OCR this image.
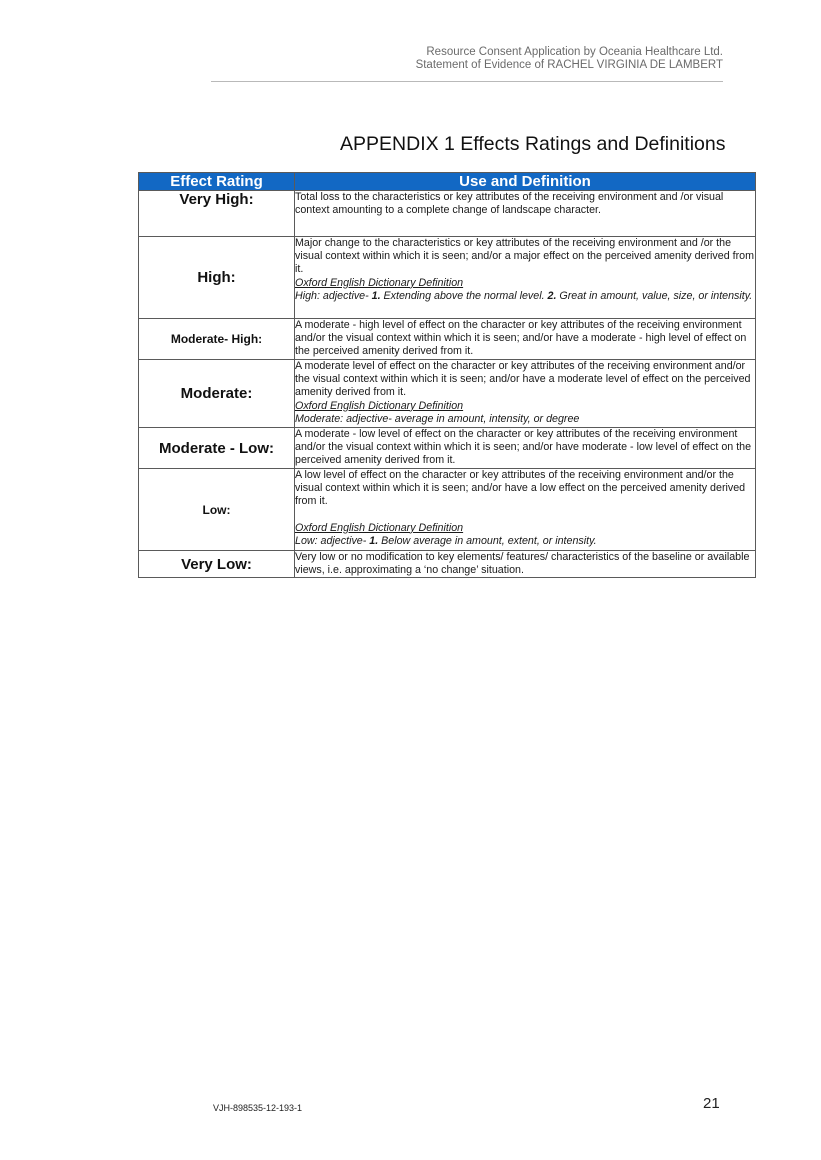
Resource Consent Application by Oceania Healthcare Ltd.
Statement of Evidence of RACHEL VIRGINIA DE LAMBERT
APPENDIX 1 Effects Ratings and Definitions
Effect Rating	Use and Definition
Very High:	Total loss to the characteristics or key attributes of the receiving environment and /or visual context amounting to a complete change of landscape character.
High:	Major change to the characteristics or key attributes of the receiving environment and /or the visual context within which it is seen; and/or a major effect on the perceived amenity derived from it.
Oxford English Dictionary Definition
High: adjective- 1. Extending above the normal level. 2. Great in amount, value, size, or intensity.
Moderate- High:	A moderate - high level of effect on the character or key attributes of the receiving environment and/or the visual context within which it is seen; and/or have a moderate - high level of effect on the perceived amenity derived from it.
Moderate:	A moderate level of effect on the character or key attributes of the receiving environment and/or the visual context within which it is seen; and/or have a moderate level of effect on the perceived amenity derived from it.
Oxford English Dictionary Definition
Moderate: adjective- average in amount, intensity, or degree
Moderate - Low:	A moderate - low level of effect on the character or key attributes of the receiving environment and/or the visual context within which it is seen; and/or have moderate - low level of effect on the perceived amenity derived from it.
Low:	A low level of effect on the character or key attributes of the receiving environment and/or the visual context within which it is seen; and/or have a low effect on the perceived amenity derived from it.
Oxford English Dictionary Definition
Low: adjective- 1. Below average in amount, extent, or intensity.
Very Low:	Very low or no modification to key elements/ features/ characteristics of the baseline or available views, i.e. approximating a ‘no change’ situation.
VJH-898535-12-193-1	21
